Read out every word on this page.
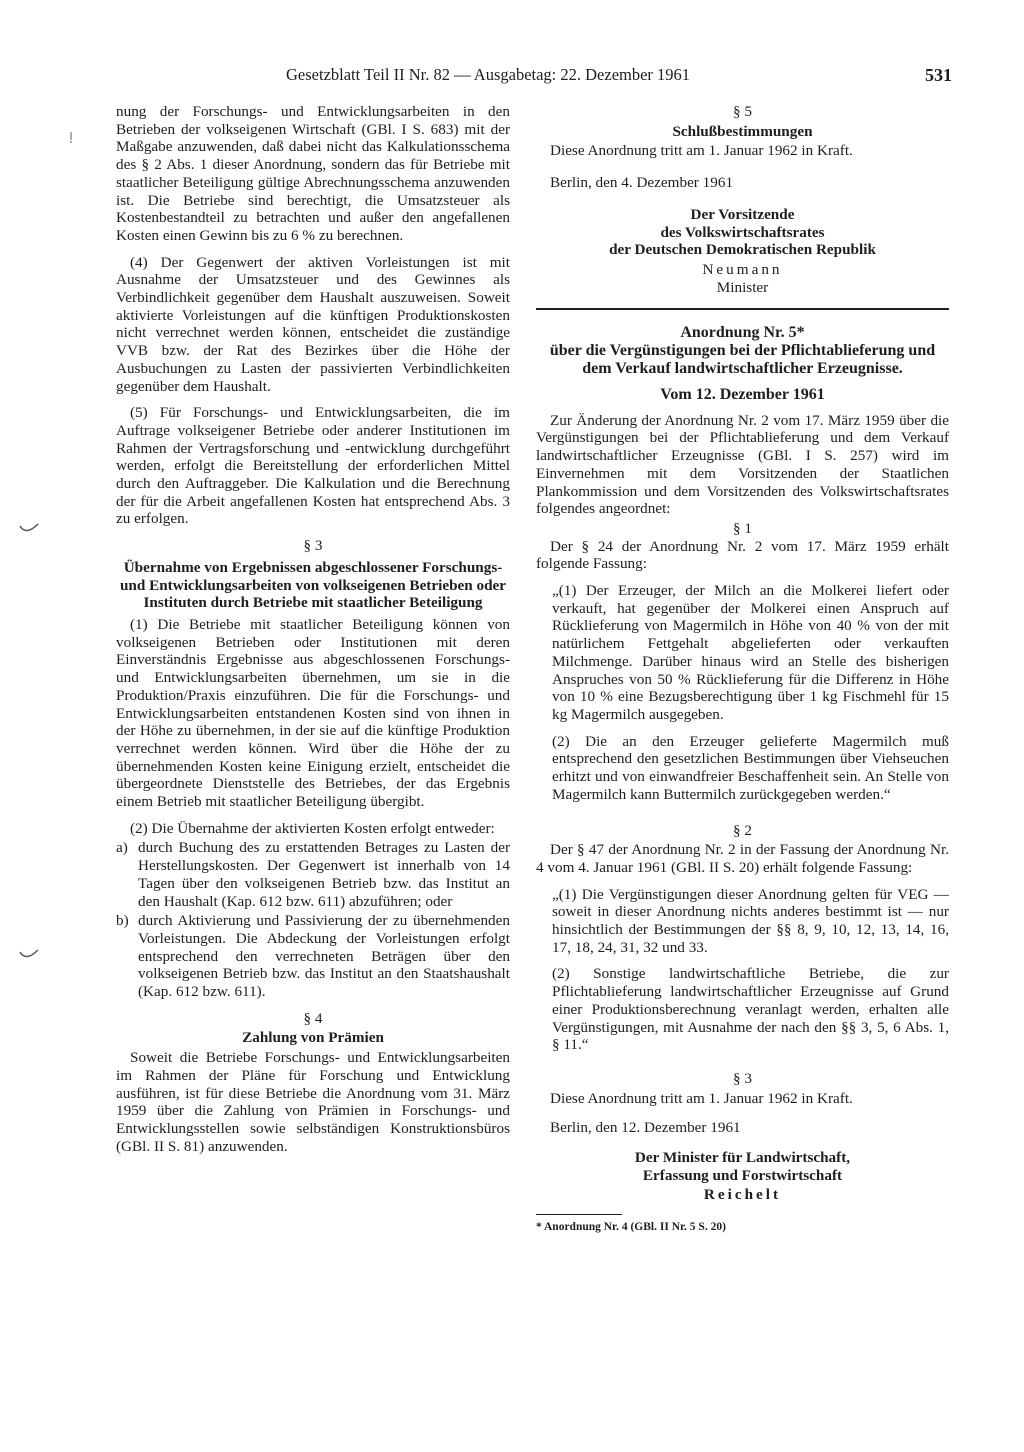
Gesetzblatt Teil II Nr. 82 — Ausgabetag: 22. Dezember 1961	531

nung der Forschungs- und Entwicklungsarbeiten in den Betrieben der volkseigenen Wirtschaft (GBl. I S. 683) mit der Maßgabe anzuwenden, daß dabei nicht das Kalkulationsschema des § 2 Abs. 1 dieser Anordnung, sondern das für Betriebe mit staatlicher Beteiligung gültige Abrechnungsschema anzuwenden ist. Die Betriebe sind berechtigt, die Umsatzsteuer als Kostenbestandteil zu betrachten und außer den angefallenen Kosten einen Gewinn bis zu 6 % zu berechnen.

(4) Der Gegenwert der aktiven Vorleistungen ist mit Ausnahme der Umsatzsteuer und des Gewinnes als Verbindlichkeit gegenüber dem Haushalt auszuweisen. Soweit aktivierte Vorleistungen auf die künftigen Produktionskosten nicht verrechnet werden können, entscheidet die zuständige VVB bzw. der Rat des Bezirkes über die Höhe der Ausbuchungen zu Lasten der passivierten Verbindlichkeiten gegenüber dem Haushalt.

(5) Für Forschungs- und Entwicklungsarbeiten, die im Auftrage volkseigener Betriebe oder anderer Institutionen im Rahmen der Vertragsforschung und -entwicklung durchgeführt werden, erfolgt die Bereitstellung der erforderlichen Mittel durch den Auftraggeber. Die Kalkulation und die Berechnung der für die Arbeit angefallenen Kosten hat entsprechend Abs. 3 zu erfolgen.

§ 3

Übernahme von Ergebnissen abgeschlossener Forschungs- und Entwicklungsarbeiten von volkseigenen Betrieben oder Instituten durch Betriebe mit staatlicher Beteiligung

(1) Die Betriebe mit staatlicher Beteiligung können von volkseigenen Betrieben oder Institutionen mit deren Einverständnis Ergebnisse aus abgeschlossenen Forschungs- und Entwicklungsarbeiten übernehmen, um sie in die Produktion/Praxis einzuführen. Die für die Forschungs- und Entwicklungsarbeiten entstandenen Kosten sind von ihnen in der Höhe zu übernehmen, in der sie auf die künftige Produktion verrechnet werden können. Wird über die Höhe der zu übernehmenden Kosten keine Einigung erzielt, entscheidet die übergeordnete Dienststelle des Betriebes, der das Ergebnis einem Betrieb mit staatlicher Beteiligung übergibt.

(2) Die Übernahme der aktivierten Kosten erfolgt entweder:

a) durch Buchung des zu erstattenden Betrages zu Lasten der Herstellungskosten. Der Gegenwert ist innerhalb von 14 Tagen über den volkseigenen Betrieb bzw. das Institut an den Haushalt (Kap. 612 bzw. 611) abzuführen; oder
b) durch Aktivierung und Passivierung der zu übernehmenden Vorleistungen. Die Abdeckung der Vorleistungen erfolgt entsprechend den verrechneten Beträgen über den volkseigenen Betrieb bzw. das Institut an den Staatshaushalt (Kap. 612 bzw. 611).

§ 4

Zahlung von Prämien

Soweit die Betriebe Forschungs- und Entwicklungsarbeiten im Rahmen der Pläne für Forschung und Entwicklung ausführen, ist für diese Betriebe die Anordnung vom 31. März 1959 über die Zahlung von Prämien in Forschungs- und Entwicklungsstellen sowie selbständigen Konstruktionsbüros (GBl. II S. 81) anzuwenden.

§ 5

Schlußbestimmungen

Diese Anordnung tritt am 1. Januar 1962 in Kraft.

Berlin, den 4. Dezember 1961

Der Vorsitzende

des Volkswirtschaftsrates

der Deutschen Demokratischen Republik

Neumann

Minister

Anordnung Nr. 5*

über die Vergünstigungen bei der Pflichtablieferung und dem Verkauf landwirtschaftlicher Erzeugnisse.

Vom 12. Dezember 1961

Zur Änderung der Anordnung Nr. 2 vom 17. März 1959 über die Vergünstigungen bei der Pflichtablieferung und dem Verkauf landwirtschaftlicher Erzeugnisse (GBl. I S. 257) wird im Einvernehmen mit dem Vorsitzenden der Staatlichen Plankommission und dem Vorsitzenden des Volkswirtschaftsrates folgendes angeordnet:

§ 1

Der § 24 der Anordnung Nr. 2 vom 17. März 1959 erhält folgende Fassung:

„(1) Der Erzeuger, der Milch an die Molkerei liefert oder verkauft, hat gegenüber der Molkerei einen Anspruch auf Rücklieferung von Magermilch in Höhe von 40 % von der mit natürlichem Fettgehalt abgelieferten oder verkauften Milchmenge. Darüber hinaus wird an Stelle des bisherigen Anspruches von 50 % Rücklieferung für die Differenz in Höhe von 10 % eine Bezugsberechtigung über 1 kg Fischmehl für 15 kg Magermilch ausgegeben.

(2) Die an den Erzeuger gelieferte Magermilch muß entsprechend den gesetzlichen Bestimmungen über Viehseuchen erhitzt und von einwandfreier Beschaffenheit sein. An Stelle von Magermilch kann Buttermilch zurückgegeben werden.“

§ 2

Der § 47 der Anordnung Nr. 2 in der Fassung der Anordnung Nr. 4 vom 4. Januar 1961 (GBl. II S. 20) erhält folgende Fassung:

„(1) Die Vergünstigungen dieser Anordnung gelten für VEG — soweit in dieser Anordnung nichts anderes bestimmt ist — nur hinsichtlich der Bestimmungen der §§ 8, 9, 10, 12, 13, 14, 16, 17, 18, 24, 31, 32 und 33.

(2) Sonstige landwirtschaftliche Betriebe, die zur Pflichtablieferung landwirtschaftlicher Erzeugnisse auf Grund einer Produktionsberechnung veranlagt werden, erhalten alle Vergünstigungen, mit Ausnahme der nach den §§ 3, 5, 6 Abs. 1, § 11.“

§ 3

Diese Anordnung tritt am 1. Januar 1962 in Kraft.

Berlin, den 12. Dezember 1961

Der Minister für Landwirtschaft,

Erfassung und Forstwirtschaft

Reichelt

* Anordnung Nr. 4 (GBl. II Nr. 5 S. 20)
